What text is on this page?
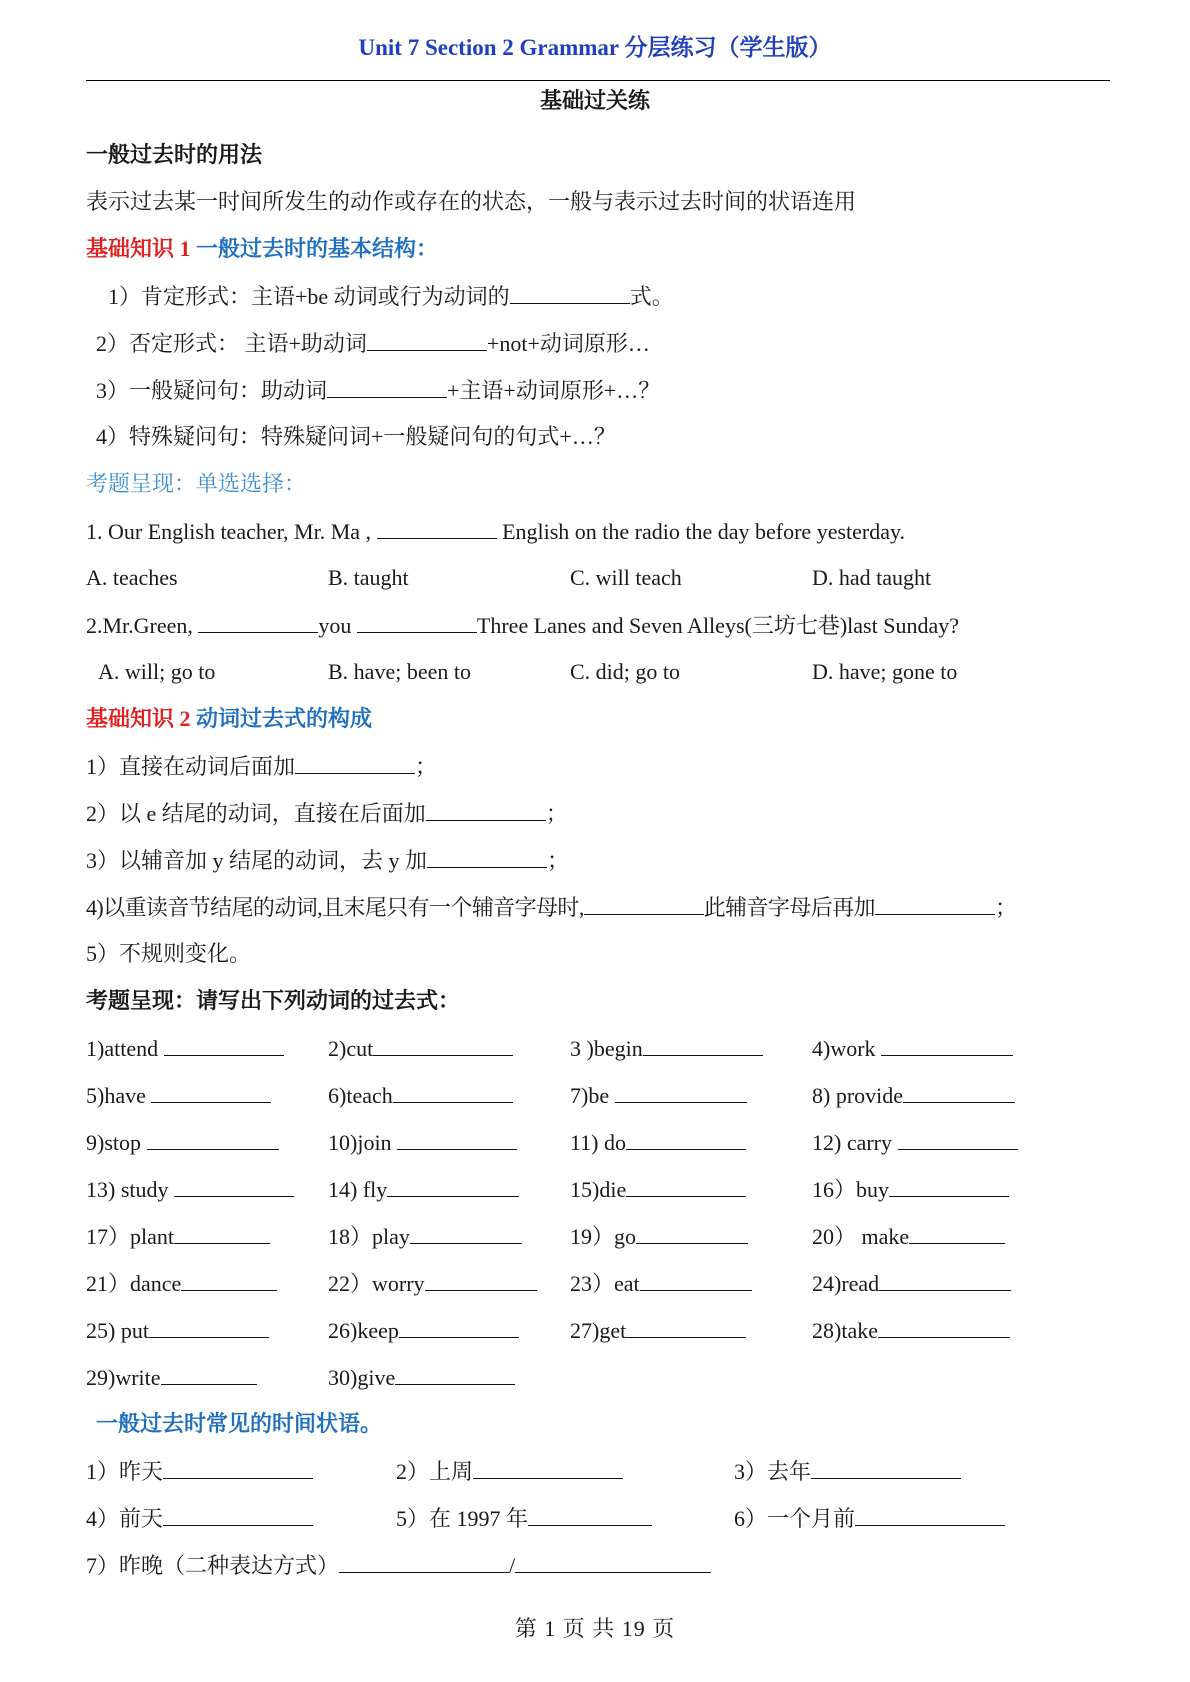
Unit 7 Section 2 Grammar 分层练习（学生版）
基础过关练
一般过去时的用法
表示过去某一时间所发生的动作或存在的状态，一般与表示过去时间的状语连用
基础知识 1 一般过去时的基本结构：
1）肯定形式：主语+be 动词或行为动词的	式。
2）否定形式： 主语+助动词	+not+动词原形…
3）一般疑问句：助动词	+主语+动词原形+…？
4）特殊疑问句：特殊疑问词+一般疑问句的句式+…？
考题呈现：单选选择：
1. Our English teacher, Mr. Ma ,	English on the radio the day before yesterday.
A. teaches	B. taught	C. will teach	D. had taught
2.Mr.Green,	you	Three Lanes and Seven Alleys(三坊七巷)last Sunday?
A. will; go to	B. have; been to	C. did; go to	D. have; gone to
基础知识 2 动词过去式的构成
1）直接在动词后面加	；
2）以 e 结尾的动词，直接在后面加	；
3）以辅音加 y 结尾的动词，去 y 加	；
4)以重读音节结尾的动词,且末尾只有一个辅音字母时,	此辅音字母后再加	；
5）不规则变化。
考题呈现：请写出下列动词的过去式：
1)attend	2)cut	3 )begin	4)work
5)have	6)teach	7)be	8) provide
9)stop	10)join	11) do	12) carry
13) study	14) fly	15)die	16）buy
17）plant	18）play	19）go	20） make
21）dance	22）worry	23）eat	24)read
25) put	26)keep	27)get	28)take
29)write	30)give
一般过去时常见的时间状语。
1）昨天	2）上周	3）去年
4）前天	5）在 1997 年	6）一个月前
7）昨晚（二种表达方式）	/
第 1 页 共 19 页
